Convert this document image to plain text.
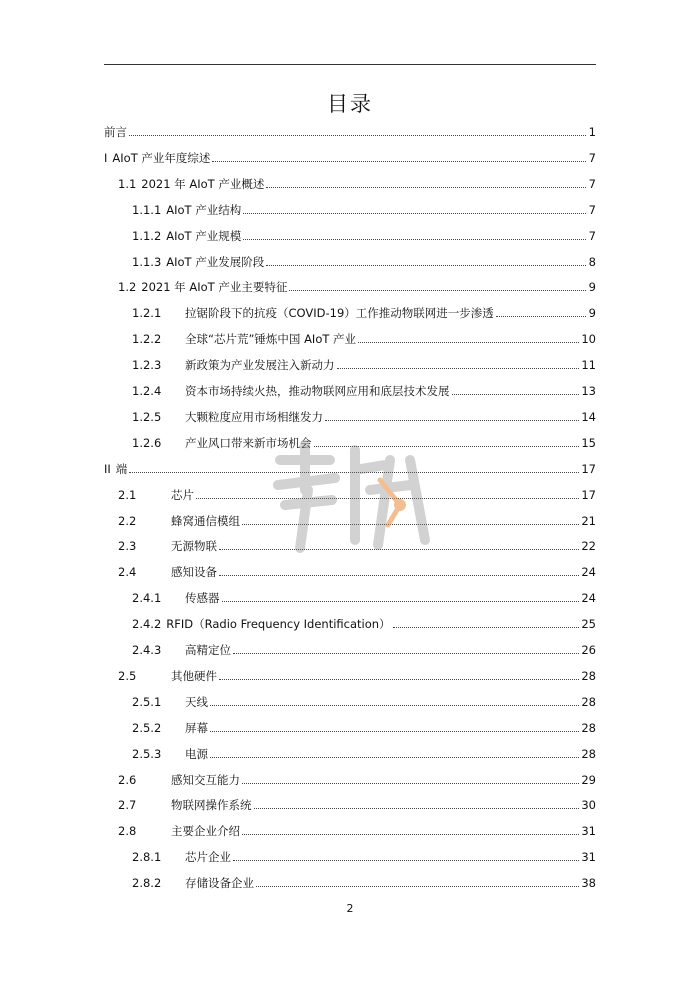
目录
前言	1
I AIoT 产业年度综述	7
1.1 2021 年 AIoT 产业概述	7
1.1.1 AIoT 产业结构	7
1.1.2 AIoT 产业规模	7
1.1.3 AIoT 产业发展阶段	8
1.2 2021 年 AIoT 产业主要特征	9
1.2.1	拉锯阶段下的抗疫（COVID-19）工作推动物联网进一步渗透	9
1.2.2	全球“芯片荒”锤炼中国 AIoT 产业	10
1.2.3	新政策为产业发展注入新动力	11
1.2.4	资本市场持续火热，推动物联网应用和底层技术发展	13
1.2.5	大颗粒度应用市场相继发力	14
1.2.6	产业风口带来新市场机会	15
II 端	17
2.1	芯片	17
2.2	蜂窝通信模组	21
2.3	无源物联	22
2.4	感知设备	24
2.4.1	传感器	24
2.4.2 RFID（Radio Frequency Identification）	25
2.4.3	高精定位	26
2.5	其他硬件	28
2.5.1	天线	28
2.5.2	屏幕	28
2.5.3	电源	28
2.6	感知交互能力	29
2.7	物联网操作系统	30
2.8	主要企业介绍	31
2.8.1	芯片企业	31
2.8.2	存储设备企业	38
2
